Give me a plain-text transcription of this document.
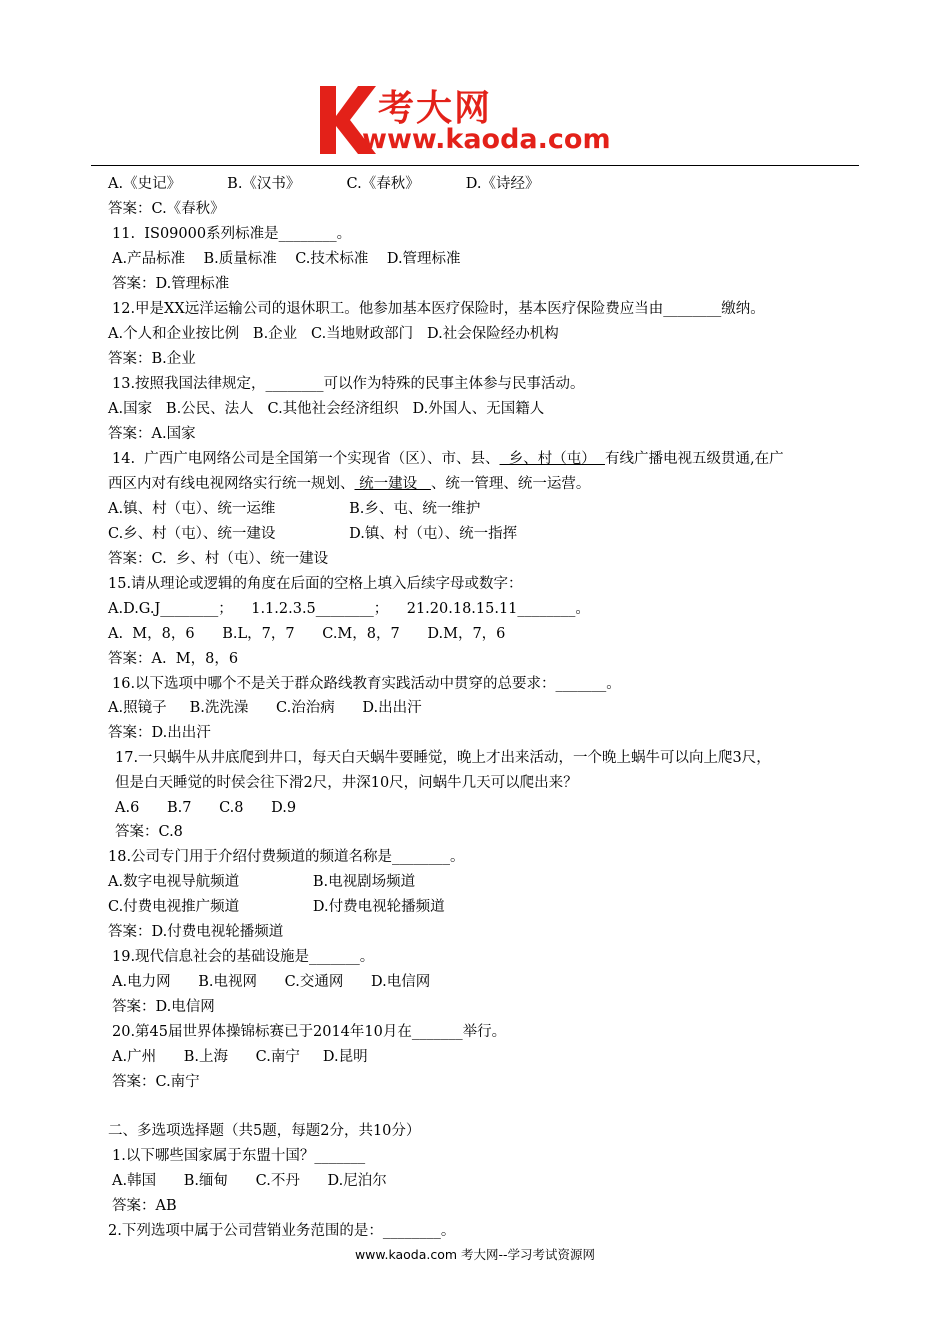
考大网
www.kaoda.com
A.《史记》          B.《汉书》          C.《春秋》          D.《诗经》
答案：C.《春秋》
11.  IS09000系列标准是________。
A.产品标准    B.质量标准    C.技术标准    D.管理标准
答案：D.管理标准
12.甲是XX远洋运输公司的退休职工。他参加基本医疗保险时，基本医疗保险费应当由________缴纳。
A.个人和企业按比例   B.企业   C.当地财政部门   D.社会保险经办机构
答案：B.企业
13.按照我国法律规定，________可以作为特殊的民事主体参与民事活动。
A.国家   B.公民、法人   C.其他社会经济组织   D.外国人、无国籍人
答案：A.国家
14.  广西广电网络公司是全国第一个实现省（区）、市、县、  乡、村（屯）  有线广播电视五级贯通,在广
西区内对有线电视网络实行统一规划、 统一建设   、统一管理、统一运营。
A.镇、村（屯）、统一运维                B.乡、屯、统一维护
C.乡、村（屯）、统一建设                D.镇、村（屯）、统一指挥
答案：C.  乡、村（屯）、统一建设
15.请从理论或逻辑的角度在后面的空格上填入后续字母或数字：
A.D.G.J________；    1.1.2.3.5________；    21.20.18.15.11________。
A.  M，8，6      B.L，7，7      C.M，8，7      D.M，7，6
答案：A.  M，8，6
16.以下选项中哪个不是关于群众路线教育实践活动中贯穿的总要求：_______。
A.照镜子     B.洗洗澡      C.治治病      D.出出汗
答案：D.出出汗
17.一只蜗牛从井底爬到井口，每天白天蜗牛要睡觉，晚上才出来活动，一个晚上蜗牛可以向上爬3尺，
但是白天睡觉的时侯会往下滑2尺，井深10尺，问蜗牛几天可以爬出来？
A.6      B.7      C.8      D.9
答案：C.8
18.公司专门用于介绍付费频道的频道名称是________。
A.数字电视导航频道                B.电视剧场频道
C.付费电视推广频道                D.付费电视轮播频道
答案：D.付费电视轮播频道
19.现代信息社会的基础设施是_______。
A.电力网      B.电视网      C.交通网      D.电信网
答案：D.电信网
20.第45届世界体操锦标赛已于2014年10月在_______举行。
A.广州      B.上海      C.南宁     D.昆明
答案：C.南宁
二、多选项选择题（共5题，每题2分，共10分）
1.以下哪些国家属于东盟十国？_______
A.韩国      B.缅甸      C.不丹      D.尼泊尔
答案：AB
2.下列选项中属于公司营销业务范围的是：________。
www.kaoda.com 考大网--学习考试资源网
